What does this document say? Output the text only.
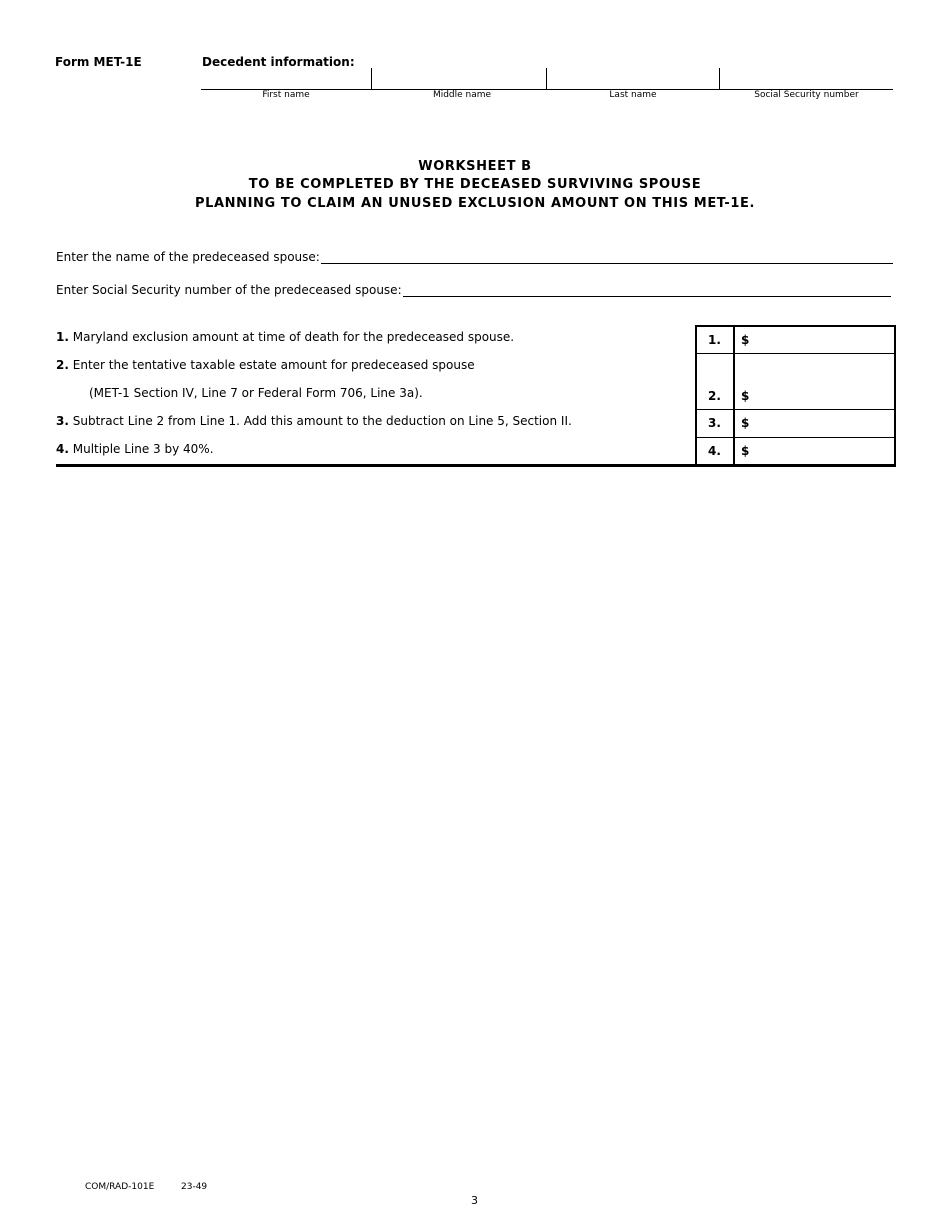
Form MET-1E	Decedent information:
First name	Middle name	Last name	Social Security number
WORKSHEET B
TO BE COMPLETED BY THE DECEASED SURVIVING SPOUSE
PLANNING TO CLAIM AN UNUSED EXCLUSION AMOUNT ON THIS MET-1E.
Enter the name of the predeceased spouse:
Enter Social Security number of the predeceased spouse:
1. Maryland exclusion amount at time of death for the predeceased spouse.
2. Enter the tentative taxable estate amount for predeceased spouse
(MET-1 Section IV, Line 7 or Federal Form 706, Line 3a).
3. Subtract Line 2 from Line 1. Add this amount to the deduction on Line 5, Section II.
4. Multiple Line 3 by 40%.
1. $
2. $
3. $
4. $
COM/RAD-101E	23-49
3
